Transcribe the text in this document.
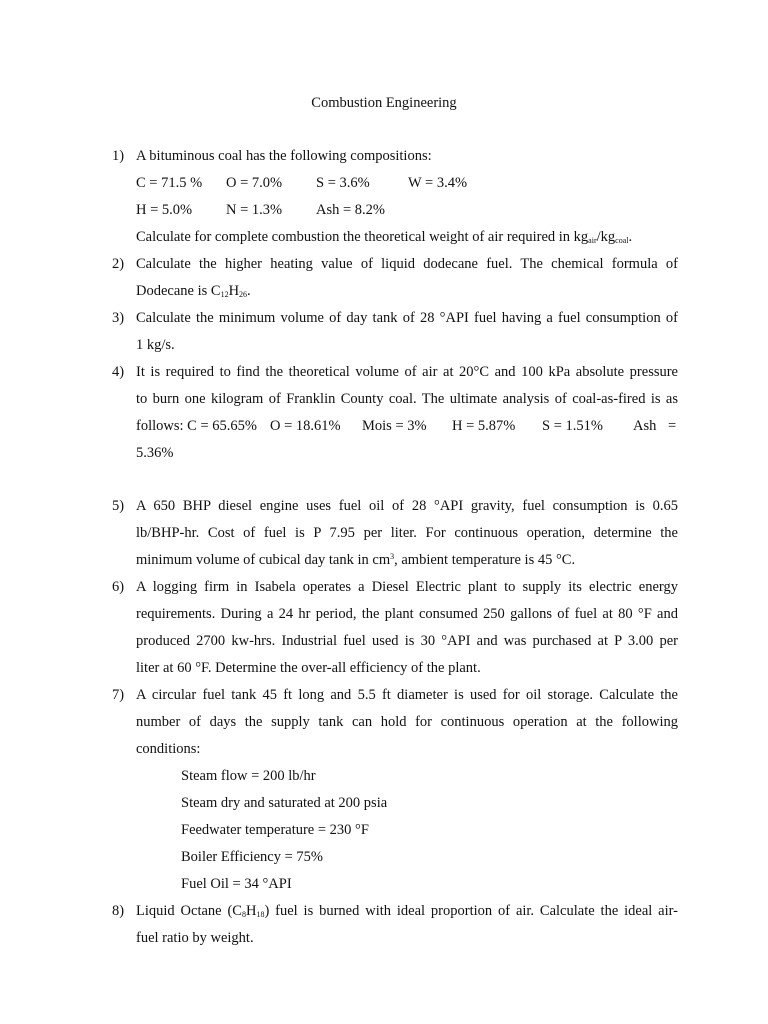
Combustion Engineering
1) A bituminous coal has the following compositions:
C = 71.5 % O = 7.0% S = 3.6%	W = 3.4%
H = 5.0% N = 1.3% Ash = 8.2%
Calculate for complete combustion the theoretical weight of air required in $kg_{air}/kg_{coal}$.
2) Calculate the higher heating value of liquid dodecane fuel. The chemical formula of
Dodecane is $C_{12}H_{26}$.
3) Calculate the minimum volume of day tank of 28 °API fuel having a fuel consumption of
1 kg/s.
4) It is required to find the theoretical volume of air at 20°C and 100 kPa absolute pressure
to burn one kilogram of Franklin County coal. The ultimate analysis of coal-as-fired is as
follows: C = 65.65% O = 18.61% Mois = 3% H = 5.87% S = 1.51% Ash =
5.36%
5) A 650 BHP diesel engine uses fuel oil of 28 °API gravity, fuel consumption is 0.65
lb/BHP-hr. Cost of fuel is P 7.95 per liter. For continuous operation, determine the
minimum volume of cubical day tank in $cm^3$, ambient temperature is 45 °C.
6) A logging firm in Isabela operates a Diesel Electric plant to supply its electric energy
requirements. During a 24 hr period, the plant consumed 250 gallons of fuel at 80 °F and
produced 2700 kw-hrs. Industrial fuel used is 30 °API and was purchased at P 3.00 per
liter at 60 °F. Determine the over-all efficiency of the plant.
7) A circular fuel tank 45 ft long and 5.5 ft diameter is used for oil storage. Calculate the
number of days the supply tank can hold for continuous operation at the following
conditions:
Steam flow = 200 lb/hr
Steam dry and saturated at 200 psia
Feedwater temperature = 230 °F
Boiler Efficiency = 75%
Fuel Oil = 34 °API
8) Liquid Octane $(C_8H_{18})$ fuel is burned with ideal proportion of air. Calculate the ideal air-
fuel ratio by weight.
